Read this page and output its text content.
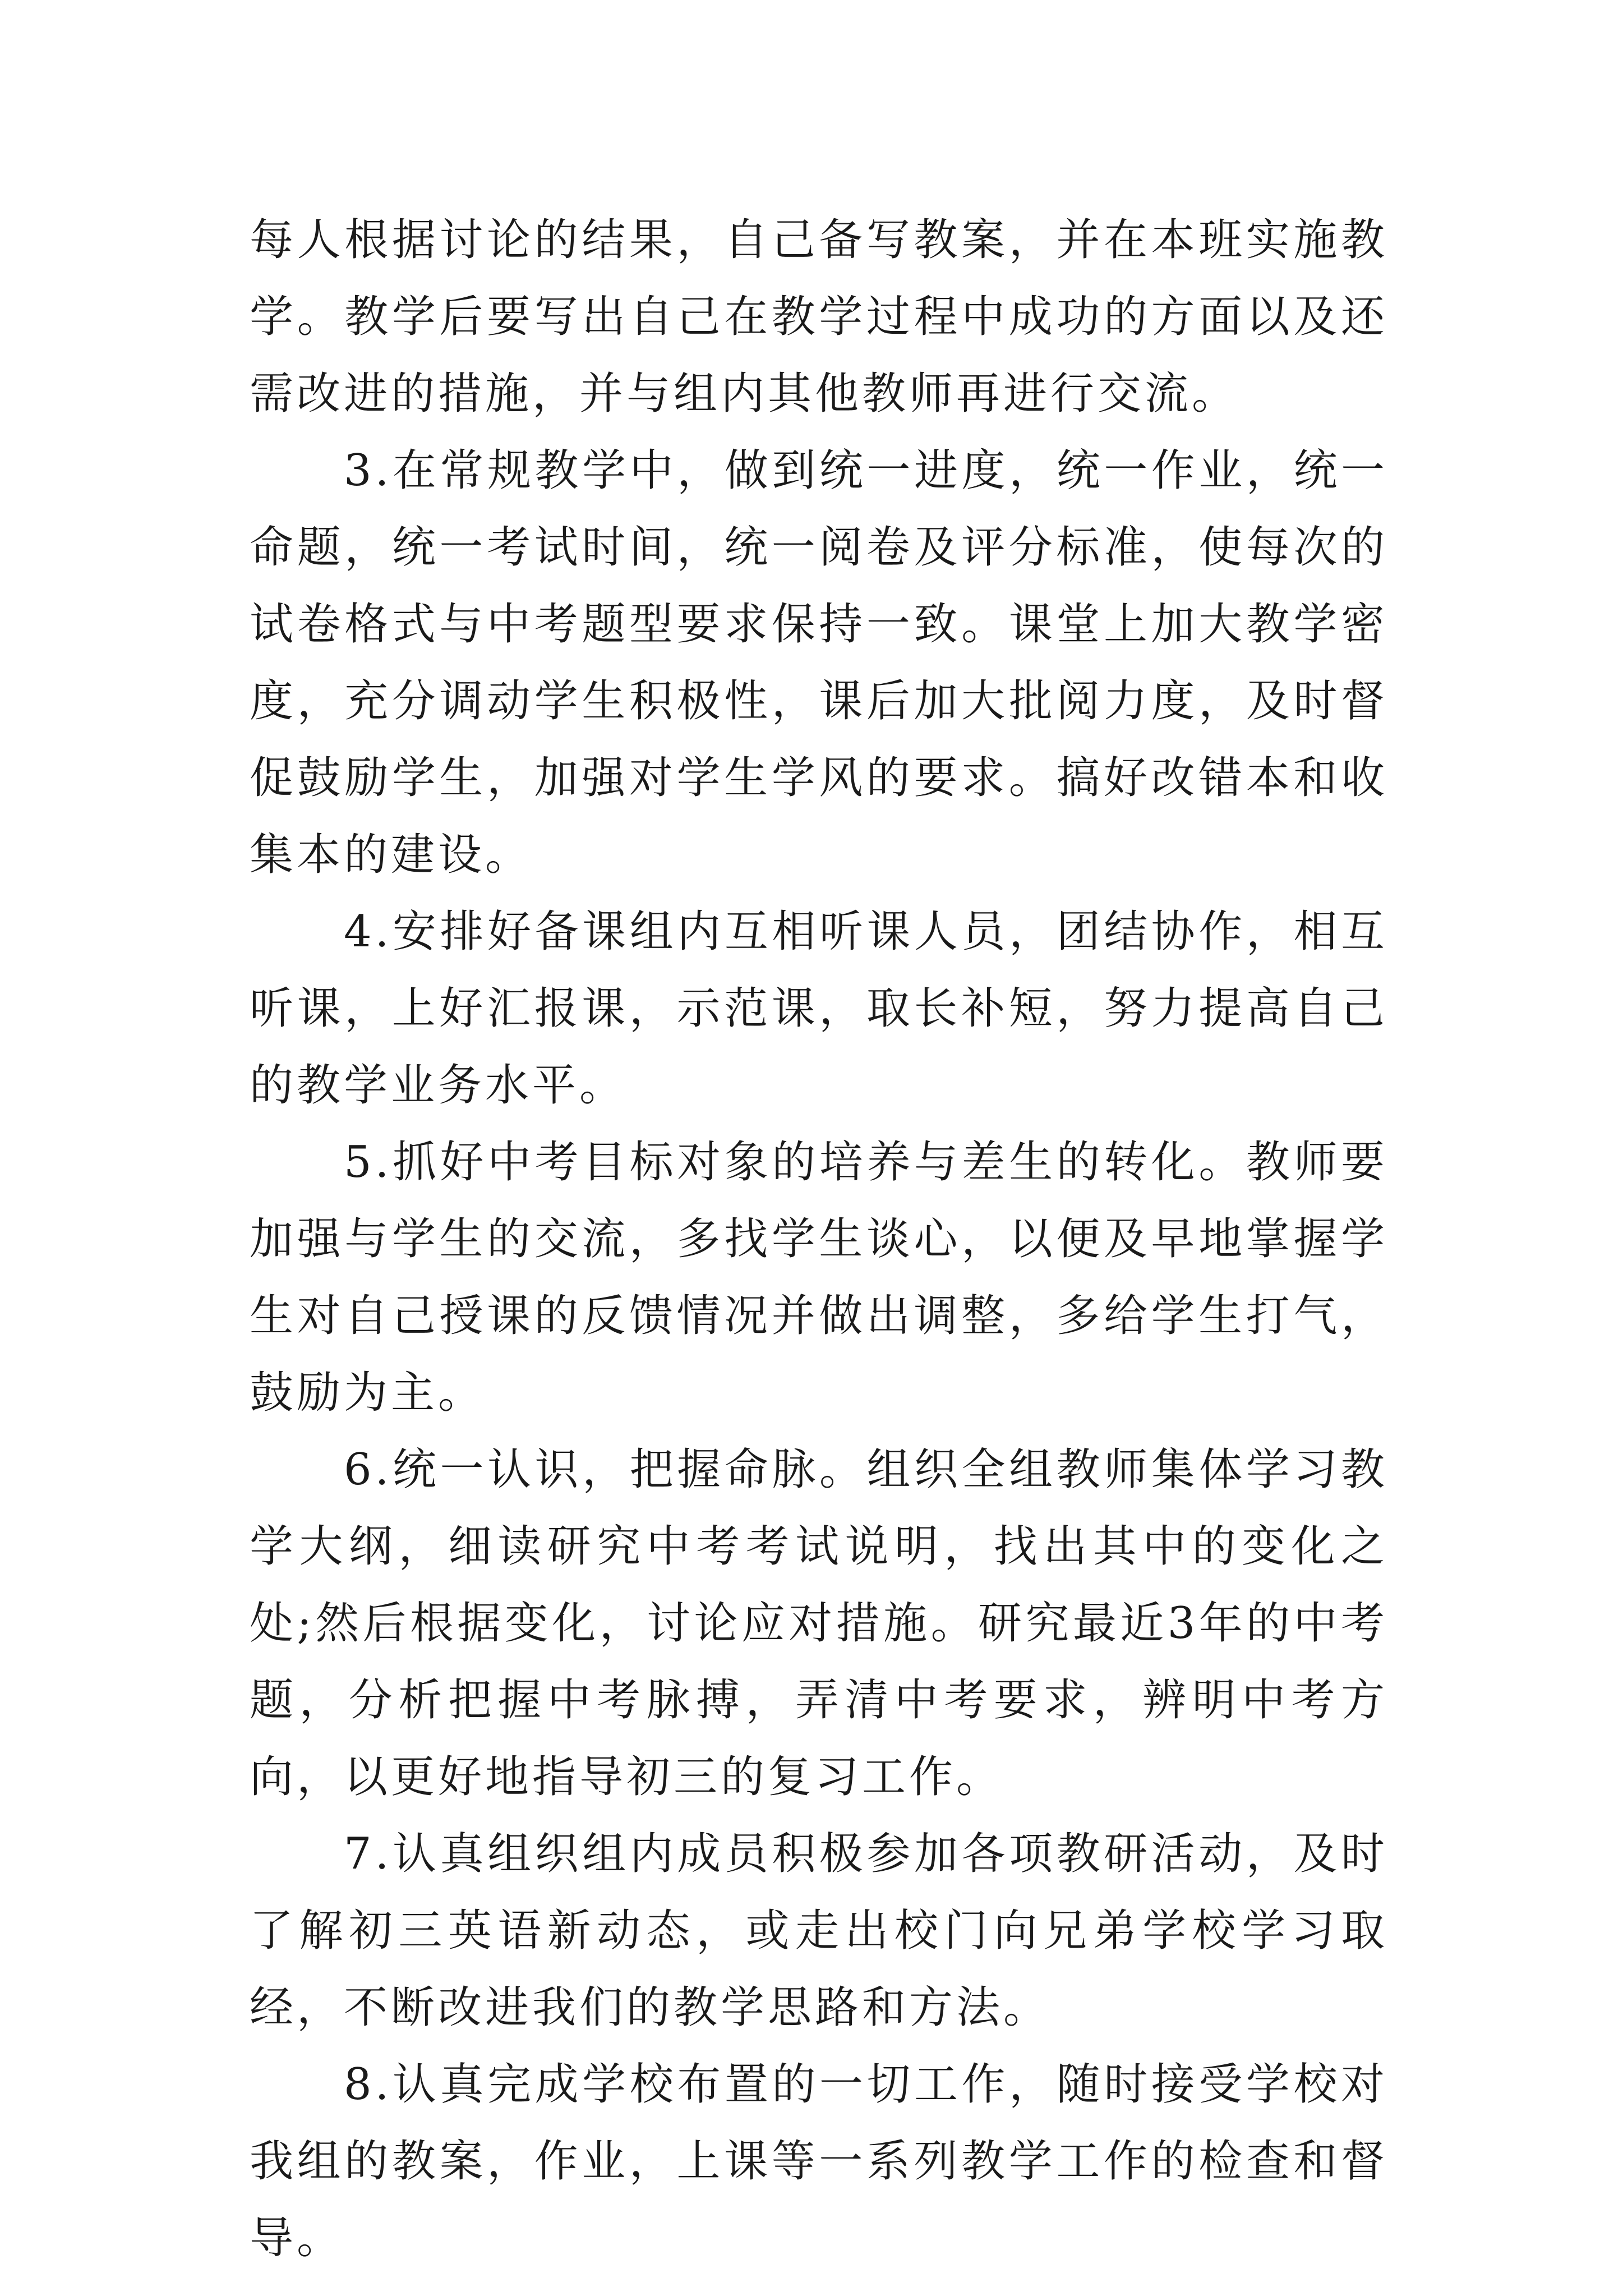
每人根据讨论的结果，自己备写教案，并在本班实施教学。教学后要写出自己在教学过程中成功的方面以及还需改进的措施，并与组内其他教师再进行交流。

3.在常规教学中，做到统一进度，统一作业，统一命题，统一考试时间，统一阅卷及评分标准，使每次的试卷格式与中考题型要求保持一致。课堂上加大教学密度，充分调动学生积极性，课后加大批阅力度，及时督促鼓励学生，加强对学生学风的要求。搞好改错本和收集本的建设。

4.安排好备课组内互相听课人员，团结协作，相互听课，上好汇报课，示范课，取长补短，努力提高自己的教学业务水平。

5.抓好中考目标对象的培养与差生的转化。教师要加强与学生的交流，多找学生谈心，以便及早地掌握学生对自己授课的反馈情况并做出调整，多给学生打气，鼓励为主。

6.统一认识，把握命脉。组织全组教师集体学习教学大纲，细读研究中考考试说明，找出其中的变化之处;然后根据变化，讨论应对措施。研究最近3年的中考题，分析把握中考脉搏，弄清中考要求，辨明中考方向，以更好地指导初三的复习工作。

7.认真组织组内成员积极参加各项教研活动，及时了解初三英语新动态，或走出校门向兄弟学校学习取经，不断改进我们的教学思路和方法。

8.认真完成学校布置的一切工作，随时接受学校对我组的教案，作业，上课等一系列教学工作的检查和督导。
